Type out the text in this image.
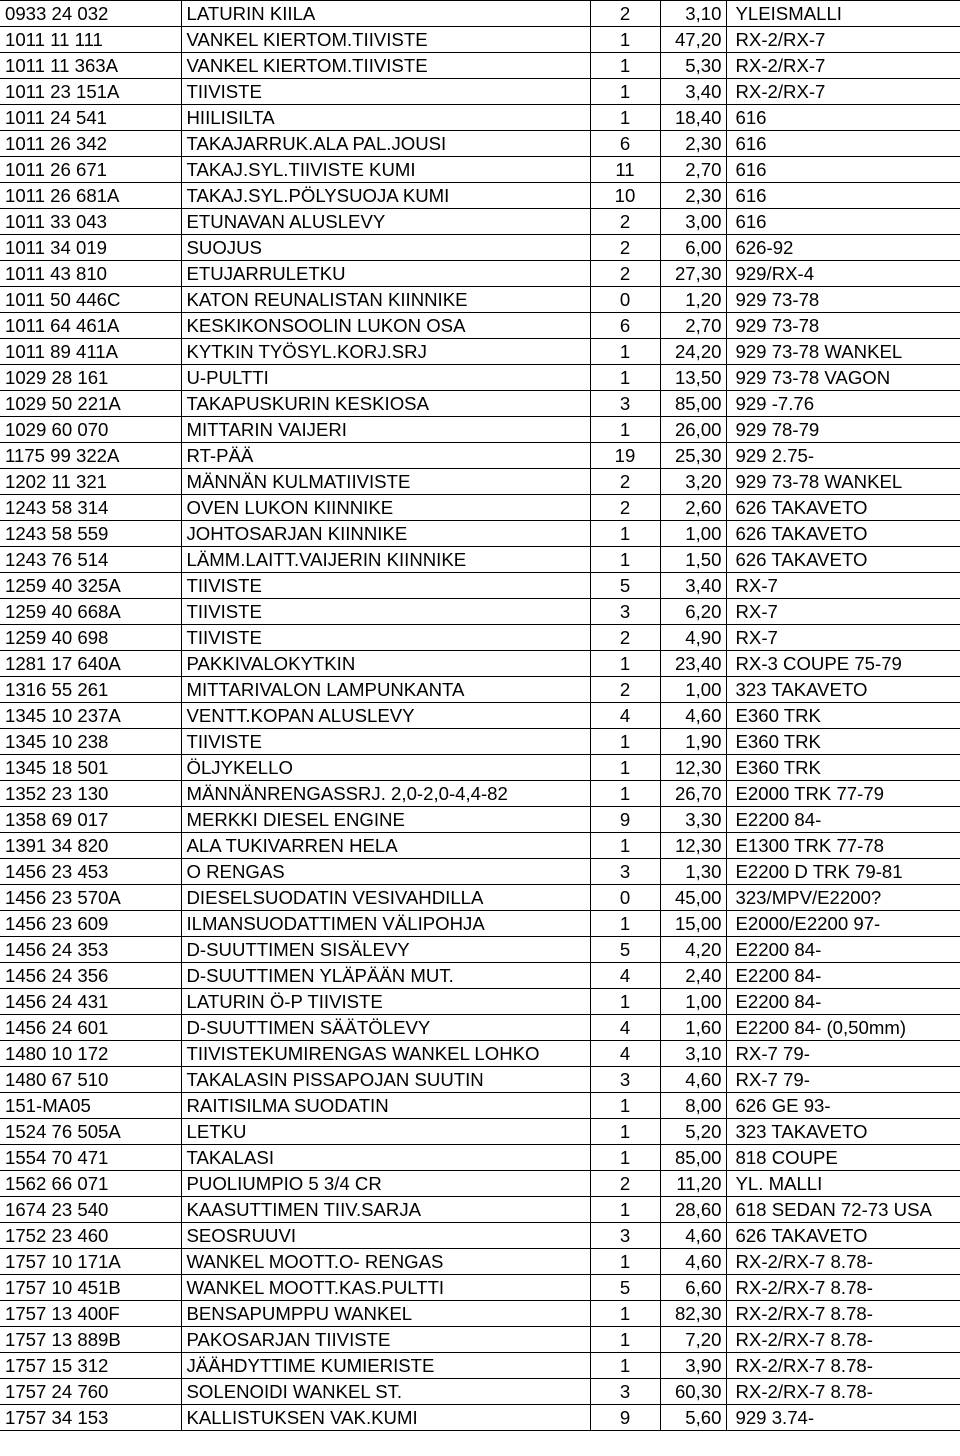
0933 24 032	LATURIN KIILA	2	3,10	YLEISMALLI
1011 11 111	VANKEL KIERTOM.TIIVISTE	1	47,20	RX-2/RX-7
1011 11 363A	VANKEL KIERTOM.TIIVISTE	1	5,30	RX-2/RX-7
1011 23 151A	TIIVISTE	1	3,40	RX-2/RX-7
1011 24 541	HIILISILTA	1	18,40	616
1011 26 342	TAKAJARRUK.ALA PAL.JOUSI	6	2,30	616
1011 26 671	TAKAJ.SYL.TIIVISTE KUMI	11	2,70	616
1011 26 681A	TAKAJ.SYL.PÖLYSUOJA KUMI	10	2,30	616
1011 33 043	ETUNAVAN ALUSLEVY	2	3,00	616
1011 34 019	SUOJUS	2	6,00	626-92
1011 43 810	ETUJARRULETKU	2	27,30	929/RX-4
1011 50 446C	KATON REUNALISTAN KIINNIKE	0	1,20	929 73-78
1011 64 461A	KESKIKONSOOLIN LUKON OSA	6	2,70	929 73-78
1011 89 411A	KYTKIN TYÖSYL.KORJ.SRJ	1	24,20	929 73-78 WANKEL
1029 28 161	U-PULTTI	1	13,50	929 73-78 VAGON
1029 50 221A	TAKAPUSKURIN KESKIOSA	3	85,00	929 -7.76
1029 60 070	MITTARIN VAIJERI	1	26,00	929 78-79
1175 99 322A	RT-PÄÄ	19	25,30	929 2.75-
1202 11 321	MÄNNÄN KULMATIIVISTE	2	3,20	929 73-78 WANKEL
1243 58 314	OVEN LUKON KIINNIKE	2	2,60	626 TAKAVETO
1243 58 559	JOHTOSARJAN KIINNIKE	1	1,00	626 TAKAVETO
1243 76 514	LÄMM.LAITT.VAIJERIN KIINNIKE	1	1,50	626 TAKAVETO
1259 40 325A	TIIVISTE	5	3,40	RX-7
1259 40 668A	TIIVISTE	3	6,20	RX-7
1259 40 698	TIIVISTE	2	4,90	RX-7
1281 17 640A	PAKKIVALOKYTKIN	1	23,40	RX-3 COUPE 75-79
1316 55 261	MITTARIVALON LAMPUNKANTA	2	1,00	323 TAKAVETO
1345 10 237A	VENTT.KOPAN ALUSLEVY	4	4,60	E360 TRK
1345 10 238	TIIVISTE	1	1,90	E360 TRK
1345 18 501	ÖLJYKELLO	1	12,30	E360 TRK
1352 23 130	MÄNNÄNRENGASSRJ. 2,0-2,0-4,4-82	1	26,70	E2000 TRK 77-79
1358 69 017	MERKKI DIESEL ENGINE	9	3,30	E2200 84-
1391 34 820	ALA TUKIVARREN HELA	1	12,30	E1300 TRK 77-78
1456 23 453	O RENGAS	3	1,30	E2200 D TRK 79-81
1456 23 570A	DIESELSUODATIN VESIVAHDILLA	0	45,00	323/MPV/E2200?
1456 23 609	ILMANSUODATTIMEN VÄLIPOHJA	1	15,00	E2000/E2200 97-
1456 24 353	D-SUUTTIMEN SISÄLEVY	5	4,20	E2200 84-
1456 24 356	D-SUUTTIMEN YLÄPÄÄN MUT.	4	2,40	E2200 84-
1456 24 431	LATURIN Ö-P TIIVISTE	1	1,00	E2200 84-
1456 24 601	D-SUUTTIMEN SÄÄTÖLEVY	4	1,60	E2200 84- (0,50mm)
1480 10 172	TIIVISTEKUMIRENGAS WANKEL LOHKO	4	3,10	RX-7 79-
1480 67 510	TAKALASIN PISSAPOJAN SUUTIN	3	4,60	RX-7 79-
151-MA05	RAITISILMA SUODATIN	1	8,00	626 GE 93-
1524 76 505A	LETKU	1	5,20	323 TAKAVETO
1554 70 471	TAKALASI	1	85,00	818 COUPE
1562 66 071	PUOLIUMPIO 5 3/4 CR	2	11,20	YL. MALLI
1674 23 540	KAASUTTIMEN TIIV.SARJA	1	28,60	618 SEDAN 72-73 USA
1752 23 460	SEOSRUUVI	3	4,60	626 TAKAVETO
1757 10 171A	WANKEL MOOTT.O- RENGAS	1	4,60	RX-2/RX-7 8.78-
1757 10 451B	WANKEL MOOTT.KAS.PULTTI	5	6,60	RX-2/RX-7 8.78-
1757 13 400F	BENSAPUMPPU WANKEL	1	82,30	RX-2/RX-7 8.78-
1757 13 889B	PAKOSARJAN TIIVISTE	1	7,20	RX-2/RX-7 8.78-
1757 15 312	JÄÄHDYTTIME KUMIERISTE	1	3,90	RX-2/RX-7 8.78-
1757 24 760	SOLENOIDI WANKEL ST.	3	60,30	RX-2/RX-7 8.78-
1757 34 153	KALLISTUKSEN VAK.KUMI	9	5,60	929 3.74-
